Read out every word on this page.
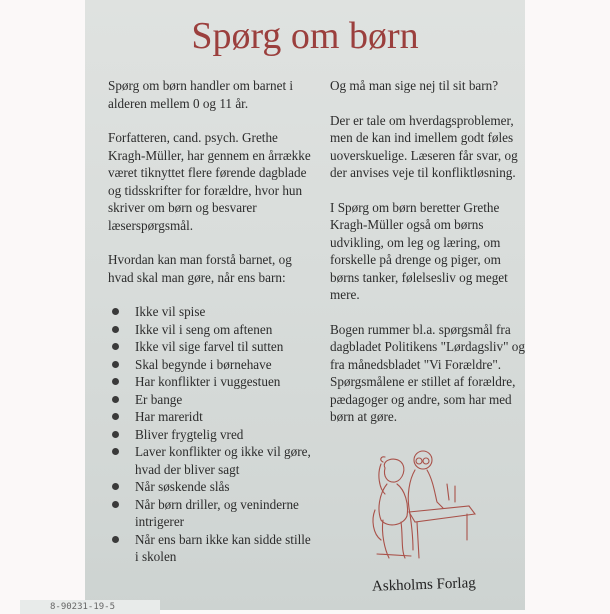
Spørg om børn

Spørg om børn handler om barnet i alderen mellem 0 og 11 år.

Forfatteren, cand. psych. Grethe Kragh-Müller, har gennem en årrække været tiknyttet flere førende dagblade og tidsskrifter for forældre, hvor hun skriver om børn og besvarer læserspørgsmål.

Hvordan kan man forstå barnet, og hvad skal man gøre, når ens barn:

Ikke vil spise
Ikke vil i seng om aftenen
Ikke vil sige farvel til sutten
Skal begynde i børnehave
Har konflikter i vuggestuen
Er bange
Har mareridt
Bliver frygtelig vred
Laver konflikter og ikke vil gøre, hvad der bliver sagt
Når søskende slås
Når børn driller, og veninderne intrigerer
Når ens barn ikke kan sidde stille i skolen

Og må man sige nej til sit barn?

Der er tale om hverdagsproblemer, men de kan ind imellem godt føles uoverskuelige. Læseren får svar, og der anvises veje til konfliktløsning.

I Spørg om børn beretter Grethe Kragh-Müller også om børns udvikling, om leg og læring, om forskelle på drenge og piger, om børns tanker, følelsesliv og meget mere.

Bogen rummer bl.a. spørgsmål fra dagbladet Politikens "Lørdagsliv" og fra månedsbladet "Vi Forældre". Spørgsmålene er stillet af forældre, pædagoger og andre, som har med børn at gøre.

Askholms Forlag
8-90231-19-5
